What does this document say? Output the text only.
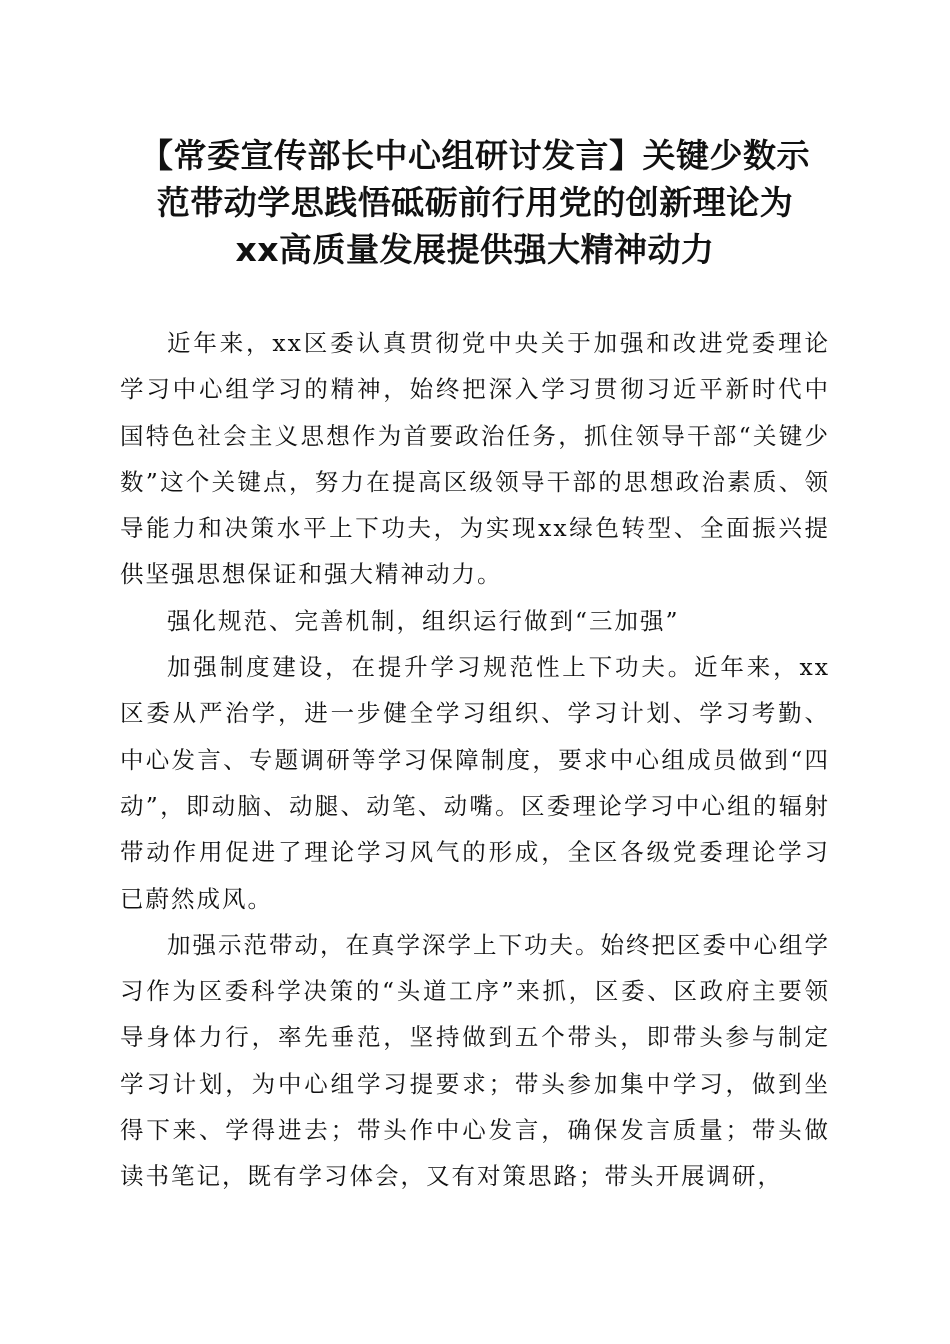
【常委宣传部长中心组研讨发言】关键少数示
范带动学思践悟砥砺前行用党的创新理论为
xx高质量发展提供强大精神动力

近年来，xx区委认真贯彻党中央关于加强和改进党委理论学习中心组学习的精神，始终把深入学习贯彻习近平新时代中国特色社会主义思想作为首要政治任务，抓住领导干部“关键少数”这个关键点，努力在提高区级领导干部的思想政治素质、领导能力和决策水平上下功夫，为实现xx绿色转型、全面振兴提供坚强思想保证和强大精神动力。

强化规范、完善机制，组织运行做到“三加强”

加强制度建设，在提升学习规范性上下功夫。近年来，xx区委从严治学，进一步健全学习组织、学习计划、学习考勤、中心发言、专题调研等学习保障制度，要求中心组成员做到“四动”，即动脑、动腿、动笔、动嘴。区委理论学习中心组的辐射带动作用促进了理论学习风气的形成，全区各级党委理论学习已蔚然成风。

加强示范带动，在真学深学上下功夫。始终把区委中心组学习作为区委科学决策的“头道工序”来抓，区委、区政府主要领导身体力行，率先垂范，坚持做到五个带头，即带头参与制定学习计划，为中心组学习提要求；带头参加集中学习，做到坐得下来、学得进去；带头作中心发言，确保发言质量；带头做读书笔记，既有学习体会，又有对策思路；带头开展调研，
